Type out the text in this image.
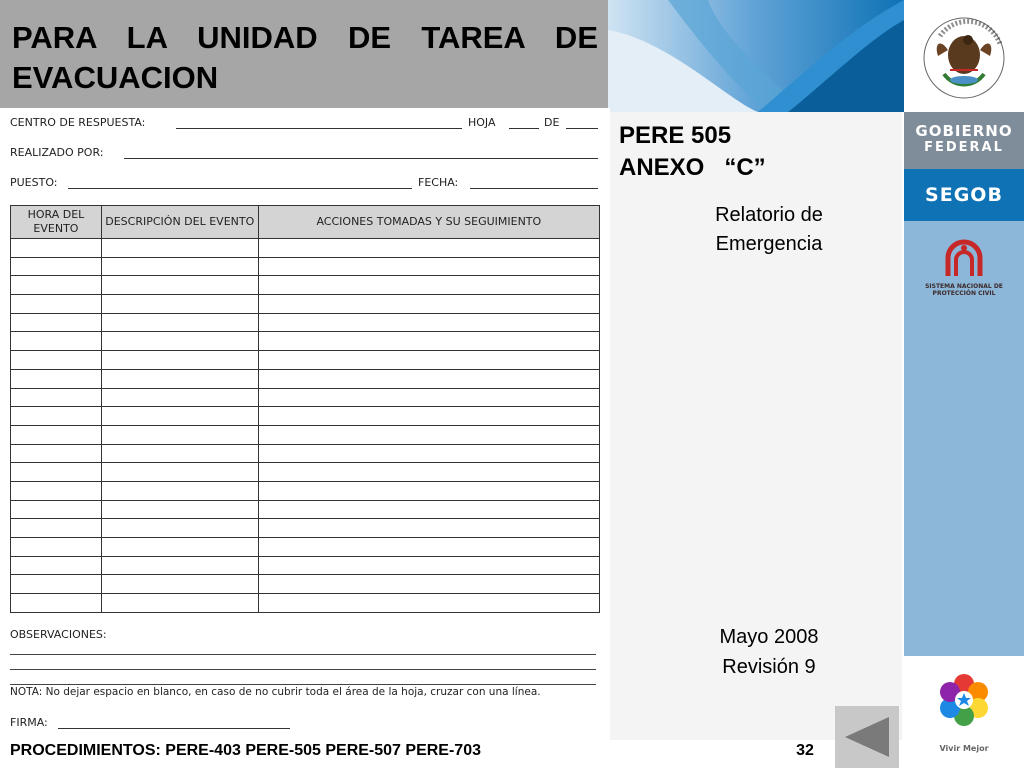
PARA LA UNIDAD DE TAREA DE EVACUACION
CENTRO DE RESPUESTA:	HOJA	DE
REALIZADO POR:
PUESTO:	FECHA:
HORA DEL EVENTO	DESCRIPCIÓN DEL EVENTO	ACCIONES TOMADAS Y SU SEGUIMIENTO

OBSERVACIONES:
NOTA: No dejar espacio en blanco, en caso de no cubrir toda el área de la hoja, cruzar con una línea.
FIRMA:
PERE 505
ANEXO   “C”
Relatorio de
Emergencia
Mayo 2008
Revisión 9
GOBIERNO
FEDERAL
SEGOB
SISTEMA NACIONAL DE
PROTECCIÓN CIVIL
Vivir Mejor
PROCEDIMIENTOS: PERE-403 PERE-505 PERE-507 PERE-703	32
